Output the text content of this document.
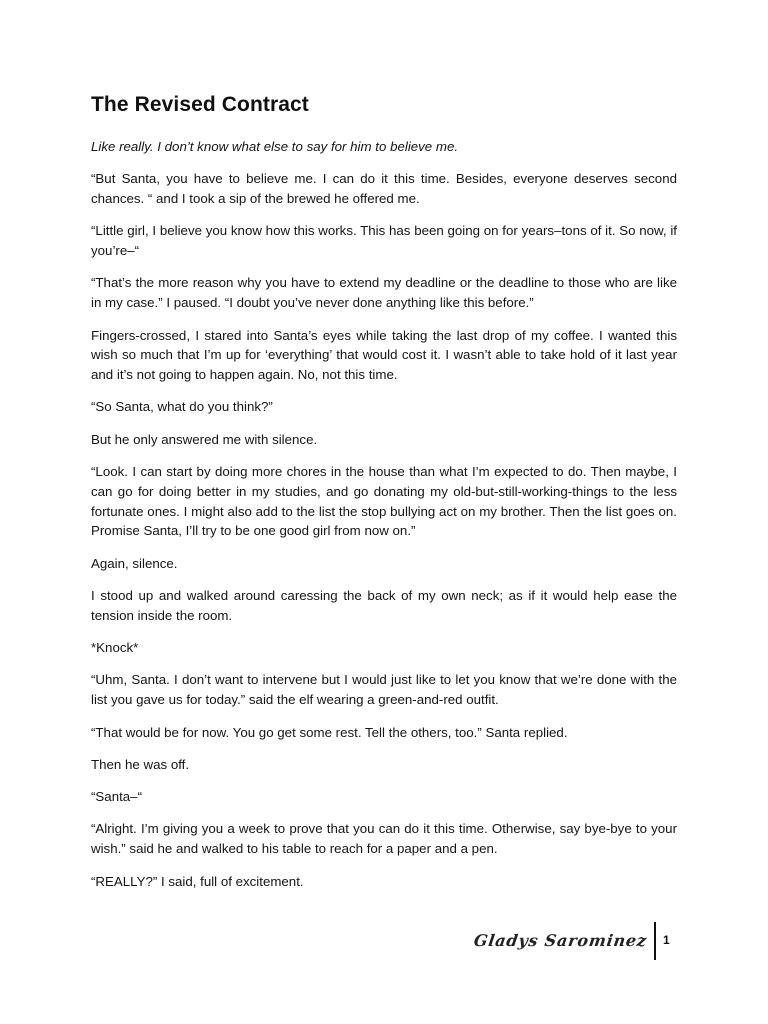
The Revised Contract

Like really. I don’t know what else to say for him to believe me.

“But Santa, you have to believe me. I can do it this time. Besides, everyone deserves second chances. “ and I took a sip of the brewed he offered me.

“Little girl, I believe you know how this works. This has been going on for years–tons of it. So now, if you’re–“

“That’s the more reason why you have to extend my deadline or the deadline to those who are like in my case.” I paused. “I doubt you’ve never done anything like this before.”

Fingers-crossed, I stared into Santa’s eyes while taking the last drop of my coffee. I wanted this wish so much that I’m up for ‘everything’ that would cost it. I wasn’t able to take hold of it last year and it’s not going to happen again. No, not this time.

“So Santa, what do you think?”

But he only answered me with silence.

“Look. I can start by doing more chores in the house than what I’m expected to do. Then maybe, I can go for doing better in my studies, and go donating my old-but-still-working-things to the less fortunate ones. I might also add to the list the stop bullying act on my brother. Then the list goes on. Promise Santa, I’ll try to be one good girl from now on.”

Again, silence.

I stood up and walked around caressing the back of my own neck; as if it would help ease the tension inside the room.

*Knock*

“Uhm, Santa. I don’t want to intervene but I would just like to let you know that we’re done with the list you gave us for today.” said the elf wearing a green-and-red outfit.

“That would be for now. You go get some rest. Tell the others, too.” Santa replied.

Then he was off.

“Santa–“

“Alright. I’m giving you a week to prove that you can do it this time. Otherwise, say bye-bye to your wish.” said he and walked to his table to reach for a paper and a pen.

“REALLY?” I said, full of excitement.

Gladys Sarominez 1
